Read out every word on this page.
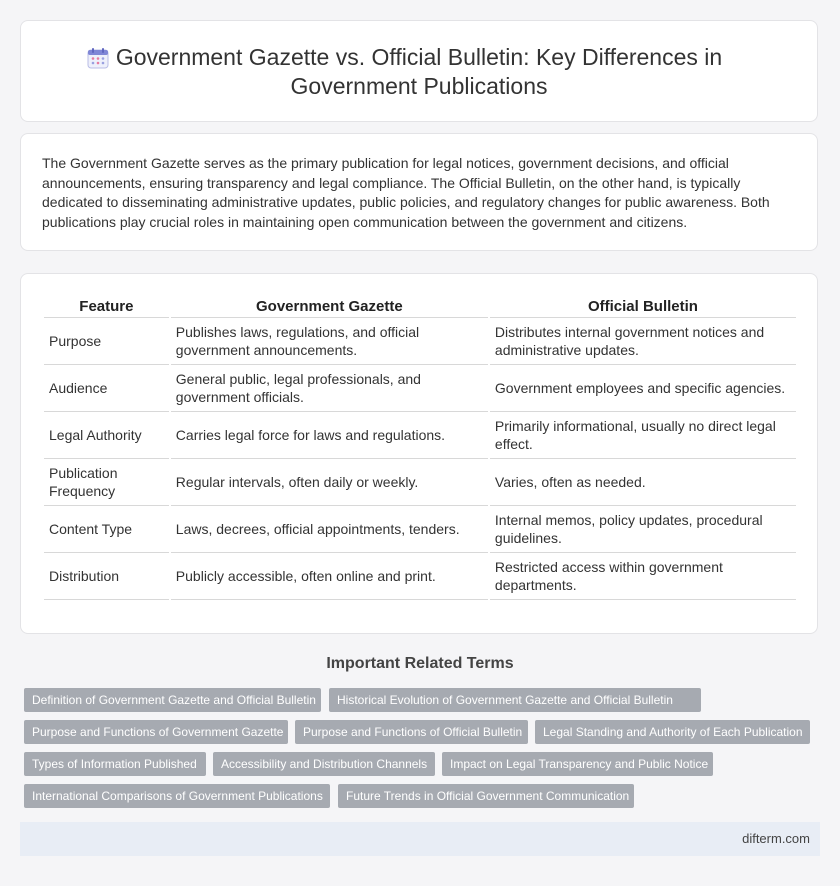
Government Gazette vs. Official Bulletin: Key Differences in Government Publications

The Government Gazette serves as the primary publication for legal notices, government decisions, and official announcements, ensuring transparency and legal compliance. The Official Bulletin, on the other hand, is typically dedicated to disseminating administrative updates, public policies, and regulatory changes for public awareness. Both publications play crucial roles in maintaining open communication between the government and citizens.

Feature	Government Gazette	Official Bulletin
Purpose	Publishes laws, regulations, and official government announcements.	Distributes internal government notices and administrative updates.
Audience	General public, legal professionals, and government officials.	Government employees and specific agencies.
Legal Authority	Carries legal force for laws and regulations.	Primarily informational, usually no direct legal effect.
Publication Frequency	Regular intervals, often daily or weekly.	Varies, often as needed.
Content Type	Laws, decrees, official appointments, tenders.	Internal memos, policy updates, procedural guidelines.
Distribution	Publicly accessible, often online and print.	Restricted access within government departments.
Important Related Terms
Definition of Government Gazette and Official Bulletin	Historical Evolution of Government Gazette and Official Bulletin
Purpose and Functions of Government Gazette	Purpose and Functions of Official Bulletin	Legal Standing and Authority of Each Publication
Types of Information Published	Accessibility and Distribution Channels	Impact on Legal Transparency and Public Notice
International Comparisons of Government Publications	Future Trends in Official Government Communication
difterm.com
